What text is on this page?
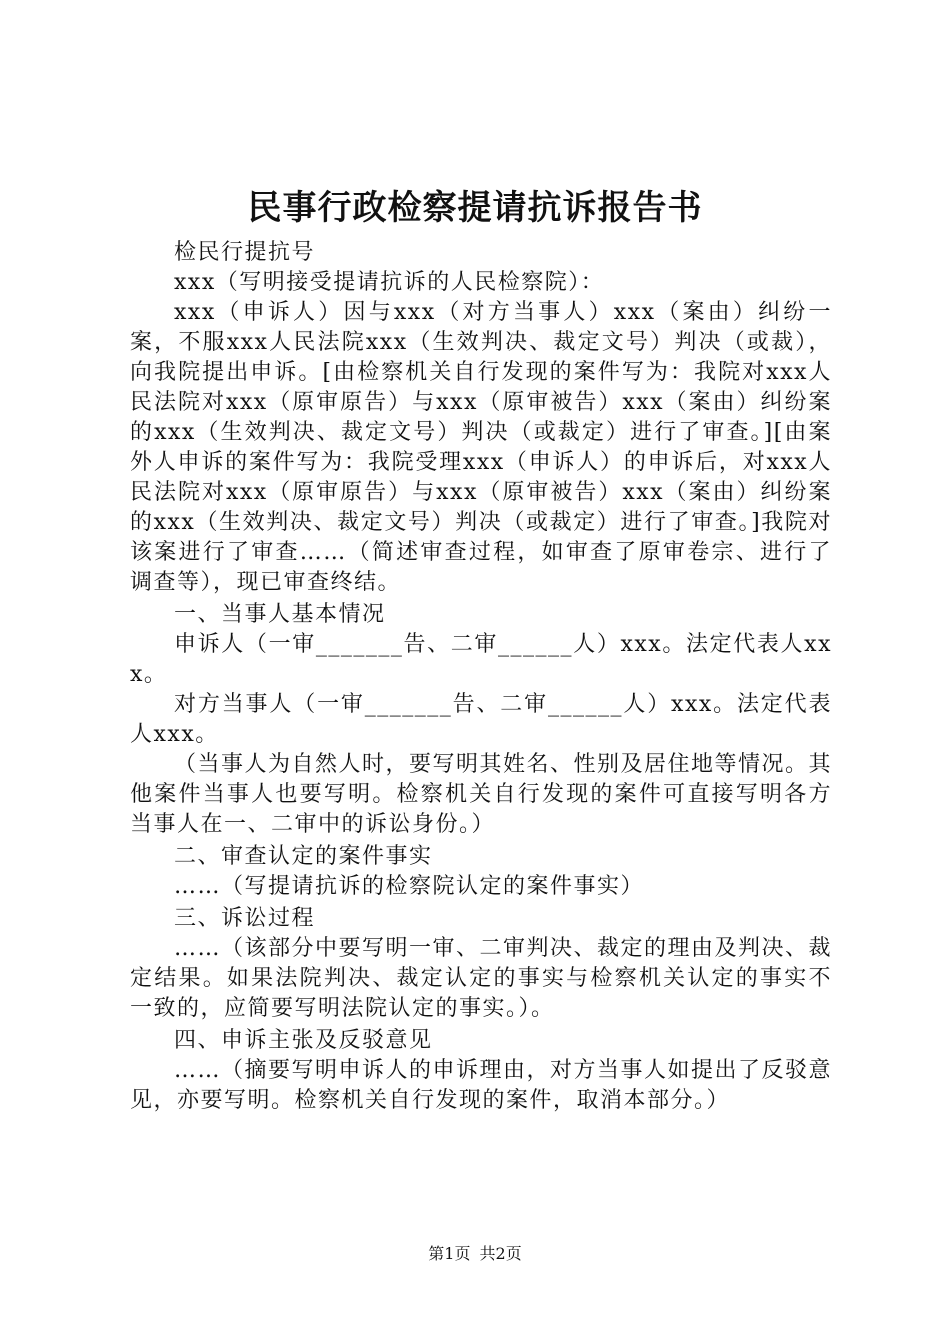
民事行政检察提请抗诉报告书

检民行提抗号

xxx（写明接受提请抗诉的人民检察院）：

xxx（申诉人）因与xxx（对方当事人）xxx（案由）纠纷一案，不服xxx人民法院xxx（生效判决、裁定文号）判决（或裁），向我院提出申诉。[由检察机关自行发现的案件写为：我院对xxx人民法院对xxx（原审原告）与xxx（原审被告）xxx（案由）纠纷案的xxx（生效判决、裁定文号）判决（或裁定）进行了审查。][由案外人申诉的案件写为：我院受理xxx（申诉人）的申诉后，对xxx人民法院对xxx（原审原告）与xxx（原审被告）xxx（案由）纠纷案的xxx（生效判决、裁定文号）判决（或裁定）进行了审查。]我院对该案进行了审查……（简述审查过程，如审查了原审卷宗、进行了调查等），现已审查终结。

一、当事人基本情况

申诉人（一审_______告、二审______人）xxx。法定代表人xxx。

对方当事人（一审_______告、二审______人）xxx。法定代表人xxx。

（当事人为自然人时，要写明其姓名、性别及居住地等情况。其他案件当事人也要写明。检察机关自行发现的案件可直接写明各方当事人在一、二审中的诉讼身份。）

二、审查认定的案件事实

……（写提请抗诉的检察院认定的案件事实）

三、诉讼过程

……（该部分中要写明一审、二审判决、裁定的理由及判决、裁定结果。如果法院判决、裁定认定的事实与检察机关认定的事实不一致的，应简要写明法院认定的事实。）。

四、申诉主张及反驳意见

……（摘要写明申诉人的申诉理由，对方当事人如提出了反驳意见，亦要写明。检察机关自行发现的案件，取消本部分。）

第1页 共2页
